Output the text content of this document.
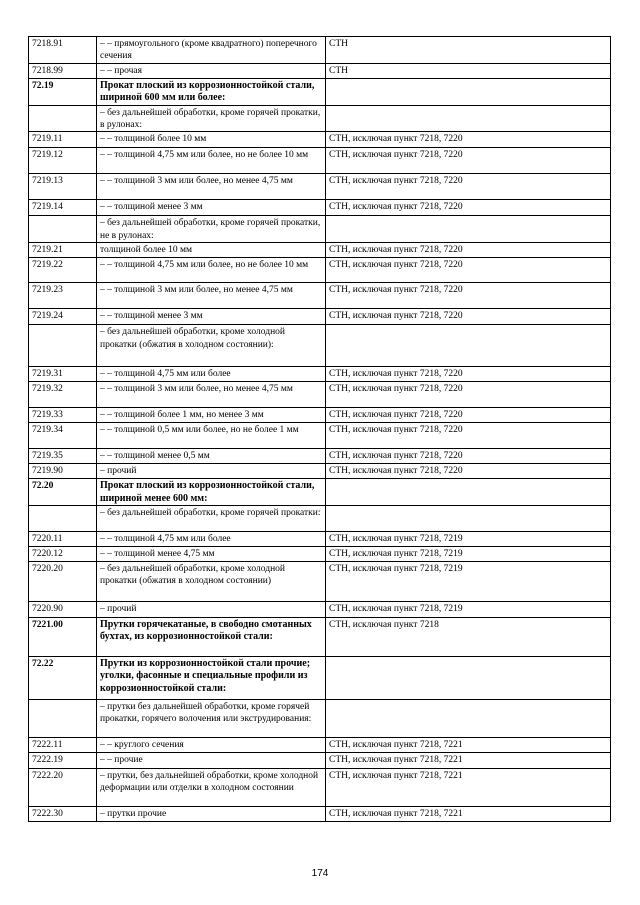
7218.91	– – прямоугольного (кроме квадратного) поперечного сечения	СТН
7218.99	– – прочая	СТН
72.19	Прокат плоский из коррозионностойкой стали, шириной 600 мм или более:	
	– без дальнейшей обработки, кроме горячей прокатки, в рулонах:	
7219.11	– – толщиной более 10 мм	СТН, исключая пункт 7218, 7220
7219.12	– – толщиной 4,75 мм или более, но не более 10 мм	СТН, исключая пункт 7218, 7220
7219.13	– – толщиной 3 мм или более, но менее 4,75 мм	СТН, исключая пункт 7218, 7220
7219.14	– – толщиной менее 3 мм	СТН, исключая пункт 7218, 7220
	– без дальнейшей обработки, кроме горячей прокатки, не в рулонах:	
7219.21	толщиной более 10 мм	СТН, исключая пункт 7218, 7220
7219.22	– – толщиной 4,75 мм или более, но не более 10 мм	СТН, исключая пункт 7218, 7220
7219.23	– – толщиной 3 мм или более, но менее 4,75 мм	СТН, исключая пункт 7218, 7220
7219.24	– – толщиной менее 3 мм	СТН, исключая пункт 7218, 7220
	– без дальнейшей обработки, кроме холодной прокатки (обжатия в холодном состоянии):	
7219.31	– – толщиной 4,75 мм или более	СТН, исключая пункт 7218, 7220
7219.32	– – толщиной 3 мм или более, но менее 4,75 мм	СТН, исключая пункт 7218, 7220
7219.33	– – толщиной более 1 мм, но менее 3 мм	СТН, исключая пункт 7218, 7220
7219.34	– – толщиной 0,5 мм или более, но не более 1 мм	СТН, исключая пункт 7218, 7220
7219.35	– – толщиной менее 0,5 мм	СТН, исключая пункт 7218, 7220
7219.90	– прочий	СТН, исключая пункт 7218, 7220
72.20	Прокат плоский из коррозионностойкой стали, шириной менее 600 мм:	
	– без дальнейшей обработки, кроме горячей прокатки:	
7220.11	– – толщиной 4,75 мм или более	СТН, исключая пункт 7218, 7219
7220.12	– – толщиной менее 4,75 мм	СТН, исключая пункт 7218, 7219
7220.20	– без дальнейшей обработки, кроме холодной прокатки (обжатия в холодном состоянии)	СТН, исключая пункт 7218, 7219
7220.90	– прочий	СТН, исключая пункт 7218, 7219
7221.00	Прутки горячекатаные, в свободно смотанных бухтах, из коррозионностойкой стали:	СТН, исключая пункт 7218
72.22	Прутки из коррозионностойкой стали прочие; уголки, фасонные и специальные профили из коррозионностойкой стали:	
	– прутки без дальнейшей обработки, кроме горячей прокатки, горячего волочения или экструдирования:	
7222.11	– – круглого сечения	СТН, исключая пункт 7218, 7221
7222.19	– – прочие	СТН, исключая пункт 7218, 7221
7222.20	– прутки, без дальнейшей обработки, кроме холодной деформации или отделки в холодном состоянии	СТН, исключая пункт 7218, 7221
7222.30	– прутки прочие	СТН, исключая пункт 7218, 7221
174
